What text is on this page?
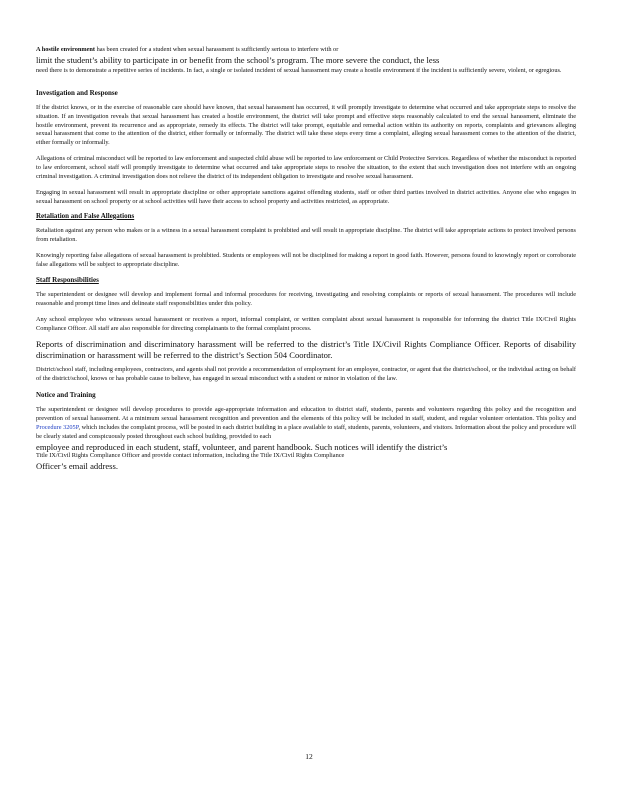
A hostile environment has been created for a student when sexual harassment is sufficiently serious to interfere with or
limit the student’s ability to participate in or benefit from the school’s program. The more severe the conduct, the less
need there is to demonstrate a repetitive series of incidents. In fact, a single or isolated incident of sexual harassment may create a hostile environment if the incident is sufficiently severe, violent, or egregious.

Investigation and Response

If the district knows, or in the exercise of reasonable care should have known, that sexual harassment has occurred, it will promptly investigate to determine what occurred and take appropriate steps to resolve the situation. If an investigation reveals that sexual harassment has created a hostile environment, the district will take prompt and effective steps reasonably calculated to end the sexual harassment, eliminate the hostile environment, prevent its recurrence and as appropriate, remedy its effects. The district will take prompt, equitable and remedial action within its authority on reports, complaints and grievances alleging sexual harassment that come to the attention of the district, either formally or informally. The district will take these steps every time a complaint, alleging sexual harassment comes to the attention of the district, either formally or informally.

Allegations of criminal misconduct will be reported to law enforcement and suspected child abuse will be reported to law enforcement or Child Protective Services. Regardless of whether the misconduct is reported to law enforcement, school staff will promptly investigate to determine what occurred and take appropriate steps to resolve the situation, to the extent that such investigation does not interfere with an ongoing criminal investigation. A criminal investigation does not relieve the district of its independent obligation to investigate and resolve sexual harassment.

Engaging in sexual harassment will result in appropriate discipline or other appropriate sanctions against offending students, staff or other third parties involved in district activities. Anyone else who engages in sexual harassment on school property or at school activities will have their access to school property and activities restricted, as appropriate.

Retaliation and False Allegations

Retaliation against any person who makes or is a witness in a sexual harassment complaint is prohibited and will result in appropriate discipline. The district will take appropriate actions to protect involved persons from retaliation.

Knowingly reporting false allegations of sexual harassment is prohibited. Students or employees will not be disciplined for making a report in good faith. However, persons found to knowingly report or corroborate false allegations will be subject to appropriate discipline.

Staff Responsibilities

The superintendent or designee will develop and implement formal and informal procedures for receiving, investigating and resolving complaints or reports of sexual harassment. The procedures will include reasonable and prompt time lines and delineate staff responsibilities under this policy.

Any school employee who witnesses sexual harassment or receives a report, informal complaint, or written complaint about sexual harassment is responsible for informing the district Title IX/Civil Rights Compliance Officer. All staff are also responsible for directing complainants to the formal complaint process.

Reports of discrimination and discriminatory harassment will be referred to the district’s Title IX/Civil Rights Compliance Officer. Reports of disability discrimination or harassment will be referred to the district’s Section 504 Coordinator.

District/school staff, including employees, contractors, and agents shall not provide a recommendation of employment for an employee, contractor, or agent that the district/school, or the individual acting on behalf of the district/school, knows or has probable cause to believe, has engaged in sexual misconduct with a student or minor in violation of the law.

Notice and Training

The superintendent or designee will develop procedures to provide age-appropriate information and education to district staff, students, parents and volunteers regarding this policy and the recognition and prevention of sexual harassment. At a minimum sexual harassment recognition and prevention and the elements of this policy will be included in staff, student, and regular volunteer orientation. This policy and Procedure 3205P, which includes the complaint process, will be posted in each district building in a place available to staff, students, parents, volunteers, and visitors. Information about the policy and procedure will be clearly stated and conspicuously posted throughout each school building, provided to each

employee and reproduced in each student, staff, volunteer, and parent handbook. Such notices will identify the district’s

Title IX/Civil Rights Compliance Officer and provide contact information, including the Title IX/Civil Rights Compliance

Officer’s email address.

12
